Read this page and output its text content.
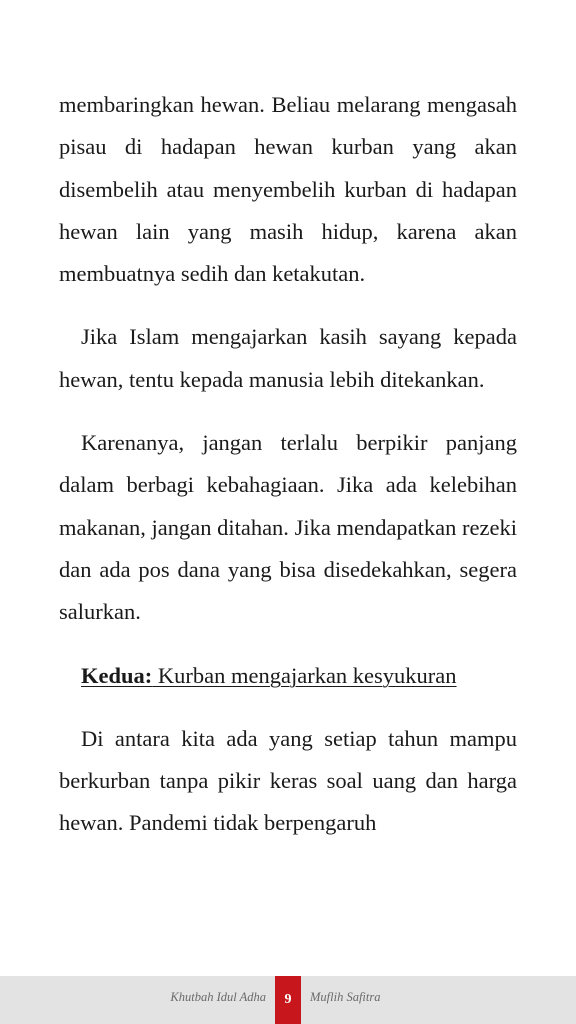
membaringkan hewan. Beliau melarang mengasah pisau di hadapan hewan kurban yang akan disembelih atau menyembelih kurban di hadapan hewan lain yang masih hidup, karena akan membuatnya sedih dan ketakutan.

Jika Islam mengajarkan kasih sayang kepada hewan, tentu kepada manusia lebih ditekankan.

Karenanya, jangan terlalu berpikir panjang dalam berbagi kebahagiaan. Jika ada kelebihan makanan, jangan ditahan. Jika mendapatkan rezeki dan ada pos dana yang bisa disedekahkan, segera salurkan.

Kedua: Kurban mengajarkan kesyukuran

Di antara kita ada yang setiap tahun mampu berkurban tanpa pikir keras soal uang dan harga hewan. Pandemi tidak berpengaruh

Khutbah Idul Adha	9	Muflih Safitra
